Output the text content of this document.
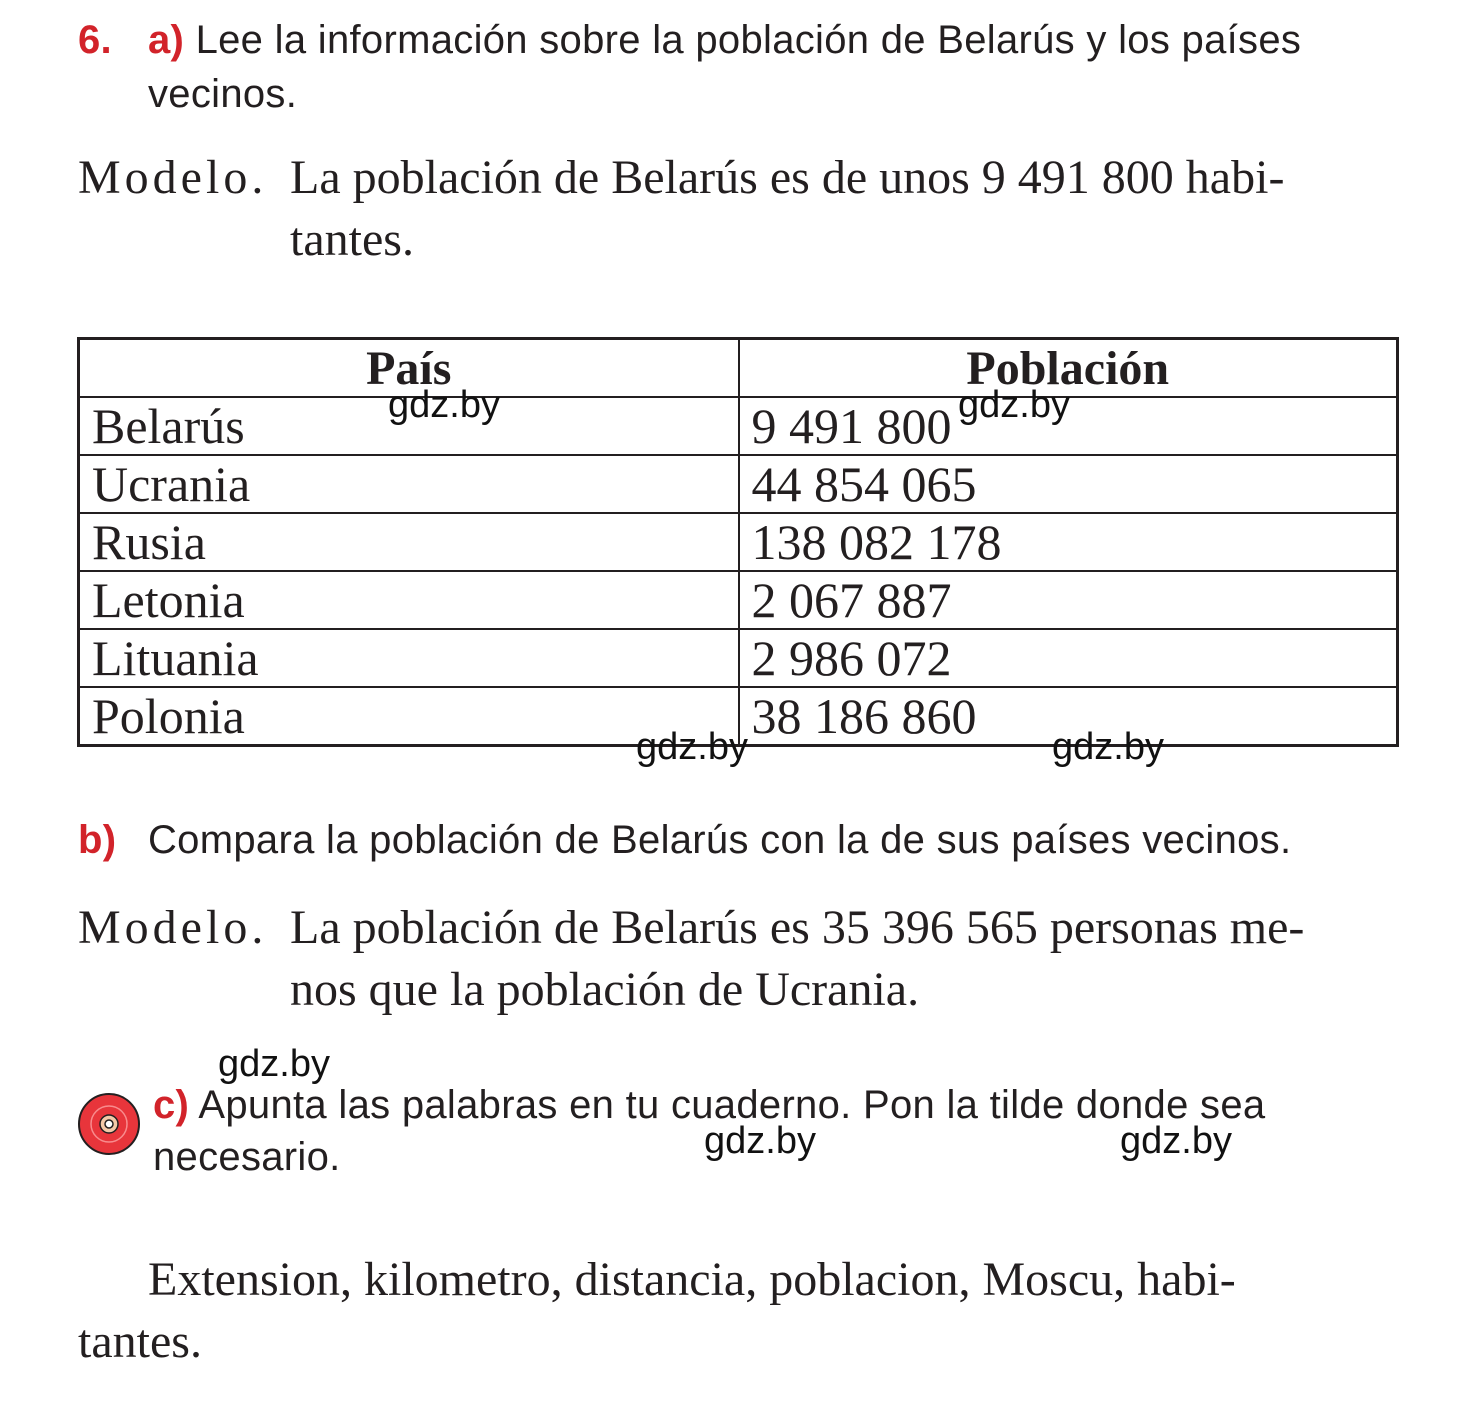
6. a) Lee la información sobre la población de Belarús y los países
vecinos.
Modelo. La población de Belarús es de unos 9 491 800 habi-
tantes.
País	Población
Belarús	9 491 800
Ucrania	44 854 065
Rusia	138 082 178
Letonia	2 067 887
Lituania	2 986 072
Polonia	38 186 860
b) Compara la población de Belarús con la de sus países vecinos.
Modelo. La población de Belarús es 35 396 565 personas me-
nos que la población de Ucrania.
c) Apunta las palabras en tu cuaderno. Pon la tilde donde sea
necesario.
Extension, kilometro, distancia, poblacion, Moscu, habi-
tantes.
gdz.by	gdz.by
gdz.by	gdz.by
gdz.by
gdz.by	gdz.by
